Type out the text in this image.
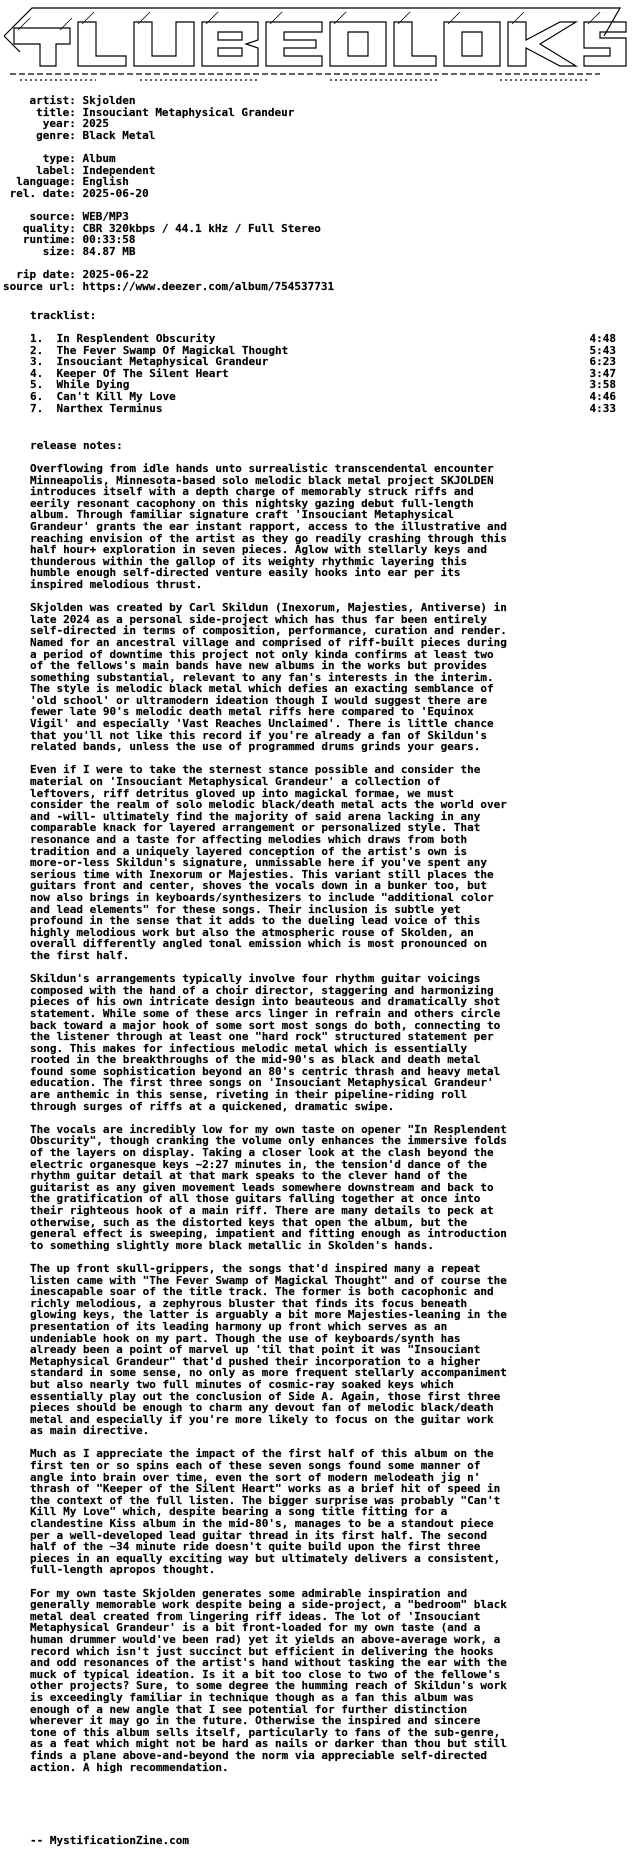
artist: Skjolden
title: Insouciant Metaphysical Grandeur
year: 2025
genre: Black Metal
type: Album
label: Independent
language: English
rel. date: 2025-06-20
source: WEB/MP3
quality: CBR 320kbps / 44.1 kHz / Full Stereo
runtime: 00:33:58
size: 84.87 MB
rip date: 2025-06-22
source url: https://www.deezer.com/album/754537731
tracklist:
1.  In Resplendent Obscurity	4:48
2.  The Fever Swamp Of Magickal Thought	5:43
3.  Insouciant Metaphysical Grandeur	6:23
4.  Keeper Of The Silent Heart	3:47
5.  While Dying	3:58
6.  Can't Kill My Love	4:46
7.  Narthex Terminus	4:33
release notes:
Overflowing from idle hands unto surrealistic transcendental encounter
Minneapolis, Minnesota-based solo melodic black metal project SKJOLDEN
introduces itself with a depth charge of memorably struck riffs and
eerily resonant cacophony on this nightsky gazing debut full-length
album. Through familiar signature craft 'Insouciant Metaphysical
Grandeur' grants the ear instant rapport, access to the illustrative and
reaching envision of the artist as they go readily crashing through this
half hour+ exploration in seven pieces. Aglow with stellarly keys and
thunderous within the gallop of its weighty rhythmic layering this
humble enough self-directed venture easily hooks into ear per its
inspired melodious thrust.
Skjolden was created by Carl Skildun (Inexorum, Majesties, Antiverse) in
late 2024 as a personal side-project which has thus far been entirely
self-directed in terms of composition, performance, curation and render.
Named for an ancestral village and comprised of riff-built pieces during
a period of downtime this project not only kinda confirms at least two
of the fellows's main bands have new albums in the works but provides
something substantial, relevant to any fan's interests in the interim.
The style is melodic black metal which defies an exacting semblance of
'old school' or ultramodern ideation though I would suggest there are
fewer late 90's melodic death metal riffs here compared to 'Equinox
Vigil' and especially 'Vast Reaches Unclaimed'. There is little chance
that you'll not like this record if you're already a fan of Skildun's
related bands, unless the use of programmed drums grinds your gears.
Even if I were to take the sternest stance possible and consider the
material on 'Insouciant Metaphysical Grandeur' a collection of
leftovers, riff detritus gloved up into magickal formae, we must
consider the realm of solo melodic black/death metal acts the world over
and -will- ultimately find the majority of said arena lacking in any
comparable knack for layered arrangement or personalized style. That
resonance and a taste for affecting melodies which draws from both
tradition and a uniquely layered conception of the artist's own is
more-or-less Skildun's signature, unmissable here if you've spent any
serious time with Inexorum or Majesties. This variant still places the
guitars front and center, shoves the vocals down in a bunker too, but
now also brings in keyboards/synthesizers to include "additional color
and lead elements" for these songs. Their inclusion is subtle yet
profound in the sense that it adds to the dueling lead voice of this
highly melodious work but also the atmospheric rouse of Skolden, an
overall differently angled tonal emission which is most pronounced on
the first half.
Skildun's arrangements typically involve four rhythm guitar voicings
composed with the hand of a choir director, staggering and harmonizing
pieces of his own intricate design into beauteous and dramatically shot
statement. While some of these arcs linger in refrain and others circle
back toward a major hook of some sort most songs do both, connecting to
the listener through at least one "hard rock" structured statement per
song. This makes for infectious melodic metal which is essentially
rooted in the breakthroughs of the mid-90's as black and death metal
found some sophistication beyond an 80's centric thrash and heavy metal
education. The first three songs on 'Insouciant Metaphysical Grandeur'
are anthemic in this sense, riveting in their pipeline-riding roll
through surges of riffs at a quickened, dramatic swipe.
The vocals are incredibly low for my own taste on opener "In Resplendent
Obscurity", though cranking the volume only enhances the immersive folds
of the layers on display. Taking a closer look at the clash beyond the
electric organesque keys ~2:27 minutes in, the tension'd dance of the
rhythm guitar detail at that mark speaks to the clever hand of the
guitarist as any given movement leads somewhere downstream and back to
the gratification of all those guitars falling together at once into
their righteous hook of a main riff. There are many details to peck at
otherwise, such as the distorted keys that open the album, but the
general effect is sweeping, impatient and fitting enough as introduction
to something slightly more black metallic in Skolden's hands.
The up front skull-grippers, the songs that'd inspired many a repeat
listen came with "The Fever Swamp of Magickal Thought" and of course the
inescapable soar of the title track. The former is both cacophonic and
richly melodious, a zephyrous bluster that finds its focus beneath
glowing keys, the latter is arguably a bit more Majesties-leaning in the
presentation of its leading harmony up front which serves as an
undeniable hook on my part. Though the use of keyboards/synth has
already been a point of marvel up 'til that point it was "Insouciant
Metaphysical Grandeur" that'd pushed their incorporation to a higher
standard in some sense, no only as more frequent stellarly accompaniment
but also nearly two full minutes of cosmic-ray soaked keys which
essentially play out the conclusion of Side A. Again, those first three
pieces should be enough to charm any devout fan of melodic black/death
metal and especially if you're more likely to focus on the guitar work
as main directive.
Much as I appreciate the impact of the first half of this album on the
first ten or so spins each of these seven songs found some manner of
angle into brain over time, even the sort of modern melodeath jig n'
thrash of "Keeper of the Silent Heart" works as a brief hit of speed in
the context of the full listen. The bigger surprise was probably "Can't
Kill My Love" which, despite bearing a song title fitting for a
clandestine Kiss album in the mid-80's, manages to be a standout piece
per a well-developed lead guitar thread in its first half. The second
half of the ~34 minute ride doesn't quite build upon the first three
pieces in an equally exciting way but ultimately delivers a consistent,
full-length apropos thought.
For my own taste Skjolden generates some admirable inspiration and
generally memorable work despite being a side-project, a "bedroom" black
metal deal created from lingering riff ideas. The lot of 'Insouciant
Metaphysical Grandeur' is a bit front-loaded for my own taste (and a
human drummer would've been rad) yet it yields an above-average work, a
record which isn't just succinct but efficient in delivering the hooks
and odd resonances of the artist's hand without tasking the ear with the
muck of typical ideation. Is it a bit too close to two of the fellowe's
other projects? Sure, to some degree the humming reach of Skildun's work
is exceedingly familiar in technique though as a fan this album was
enough of a new angle that I see potential for further distinction
wherever it may go in the future. Otherwise the inspired and sincere
tone of this album sells itself, particularly to fans of the sub-genre,
as a feat which might not be hard as nails or darker than thou but still
finds a plane above-and-beyond the norm via appreciable self-directed
action. A high recommendation.
-- MystificationZine.com
